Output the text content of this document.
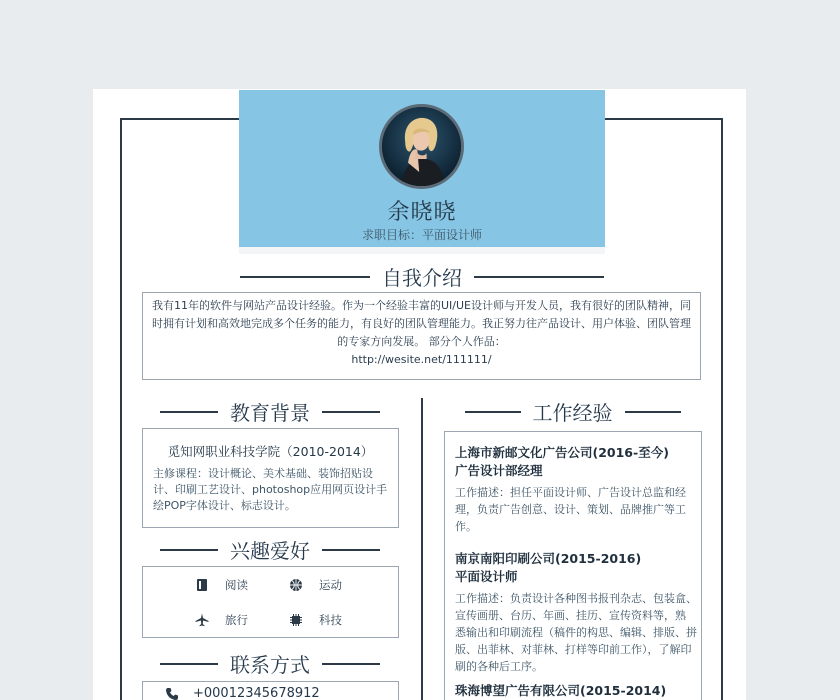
余晓晓
求职目标：平面设计师
自我介绍
我有11年的软件与网站产品设计经验。作为一个经验丰富的UI/UE设计师与开发人员，我有很好的团队精神，同时拥有计划和高效地完成多个任务的能力，有良好的团队管理能力。我正努力往产品设计、用户体验、团队管理的专家方向发展。 部分个人作品：
http://wesite.net/111111/
教育背景
觅知网职业科技学院（2010-2014）
主修课程：设计概论、美术基础、装饰招贴设计、印刷工艺设计、photoshop应用网页设计手绘POP字体设计、标志设计。
兴趣爱好
阅读	运动
旅行	科技
联系方式
+00012345678912
工作经验
上海市新邮文化广告公司(2016-至今)
广告设计部经理
工作描述：担任平面设计师、广告设计总监和经理，负责广告创意、设计、策划、品牌推广等工作。
南京南阳印刷公司(2015-2016)
平面设计师
工作描述：负责设计各种图书报刊杂志、包装盒、宣传画册、台历、年画、挂历、宣传资料等，熟 悉输出和印刷流程（稿件的构思、编辑、排版、拼版、出菲林、对菲林、打样等印前工作），了解印刷的各种后工序。
珠海博望广告有限公司(2015-2014)
